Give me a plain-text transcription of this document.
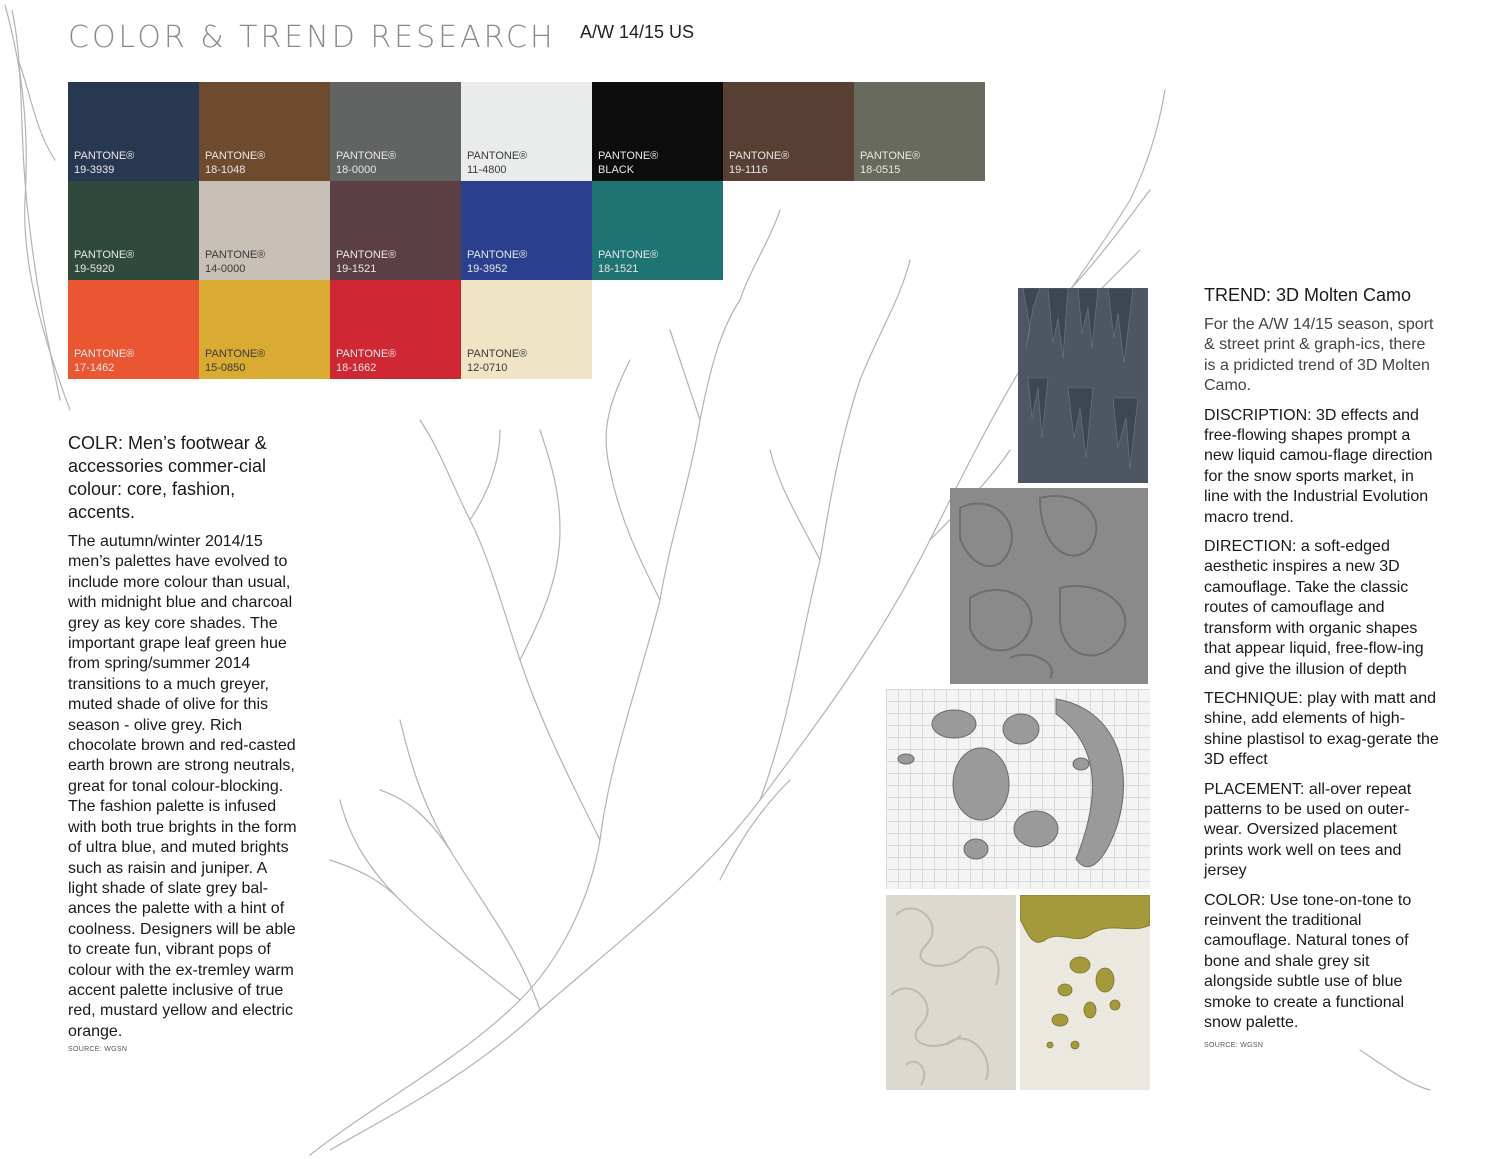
COLOR & TREND RESEARCH A/W 14/15 US
PANTONE®
19-3939
PANTONE®
18-1048
PANTONE®
18-0000
PANTONE®
11-4800
PANTONE®
BLACK
PANTONE®
19-1116
PANTONE®
18-0515
PANTONE®
19-5920
PANTONE®
14-0000
PANTONE®
19-1521
PANTONE®
19-3952
PANTONE®
18-1521
PANTONE®
17-1462
PANTONE®
15-0850
PANTONE®
18-1662
PANTONE®
12-0710
COLR: Men’s footwear & accessories commer-cial colour: core, fashion, accents.

The autumn/winter 2014/15 men’s palettes have evolved to include more colour than usual, with midnight blue and charcoal grey as key core shades. The important grape leaf green hue from spring/summer 2014 transitions to a much greyer, muted shade of olive for this season - olive grey. Rich chocolate brown and red-casted earth brown are strong neutrals, great for tonal colour-blocking. The fashion palette is infused with both true brights in the form of ultra blue, and muted brights such as raisin and juniper. A light shade of slate grey bal-ances the palette with a hint of coolness. Designers will be able to create fun, vibrant pops of colour with the ex-tremley warm accent palette inclusive of true red, mustard yellow and electric orange.

SOURCE: WGSN
TREND: 3D Molten Camo
For the A/W 14/15 season, sport & street print & graph-ics, there is a pridicted trend of 3D Molten Camo.
DISCRIPTION: 3D effects and free-flowing shapes prompt a new liquid camou-flage direction for the snow sports market, in line with the Industrial Evolution macro trend.
DIRECTION: a soft-edged aesthetic inspires a new 3D camouflage. Take the classic routes of camouflage and transform with organic shapes that appear liquid, free-flow-ing and give the illusion of depth
TECHNIQUE: play with matt and shine, add elements of high-shine plastisol to exag-gerate the 3D effect
PLACEMENT: all-over repeat patterns to be used on outer-wear. Oversized placement prints work well on tees and jersey
COLOR: Use tone-on-tone to reinvent the traditional camouflage. Natural tones of bone and shale grey sit alongside subtle use of blue smoke to create a functional snow palette.
SOURCE: WGSN
